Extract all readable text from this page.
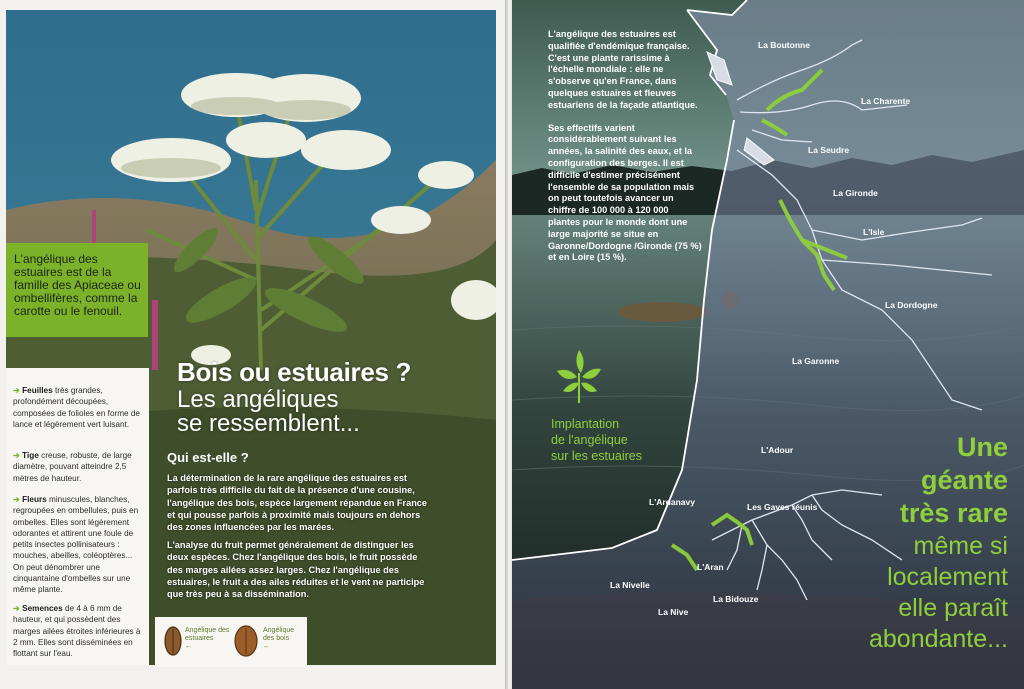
L'angélique des estuaires est de la famille des Apiaceae ou ombellifères, comme la carotte ou le fenouil.
➔ Feuilles très grandes, profondément découpées, composées de folioles en forme de lance et légèrement vert luisant.
➔ Tige creuse, robuste, de large diamètre, pouvant atteindre 2,5 mètres de hauteur.
➔ Fleurs minuscules, blanches, regroupées en ombellules, puis en ombelles. Elles sont légèrement odorantes et attirent une foule de petits insectes pollinisateurs : mouches, abeilles, coléoptères... On peut dénombrer une cinquantaine d'ombelles sur une même plante.
➔ Semences de 4 à 6 mm de hauteur, et qui possèdent des marges ailées étroites inférieures à 2 mm. Elles sont disséminées en flottant sur l'eau.
Bois ou estuaires ?
Les angéliques
se ressemblent...
Qui est-elle ?
La détermination de la rare angélique des estuaires est parfois très difficile du fait de la présence d'une cousine, l'angélique des bois, espèce largement répandue en France et qui pousse parfois à proximité mais toujours en dehors des zones influencées par les marées.
L'analyse du fruit permet généralement de distinguer les deux espèces. Chez l'angélique des bois, le fruit possède des marges ailées assez larges. Chez l'angélique des estuaires, le fruit a des ailes réduites et le vent ne participe que très peu à sa dissémination.
Angélique des estuaires
←
Angélique des bois
←

L'angélique des estuaires est qualifiée d'endémique française. C'est une plante rarissime à l'échelle mondiale : elle ne s'observe qu'en France, dans quelques estuaires et fleuves estuariens de la façade atlantique.

Ses effectifs varient considérablement suivant les années, la salinité des eaux, et la configuration des berges. Il est difficile d'estimer précisément l'ensemble de sa population mais on peut toutefois avancer un chiffre de 100 000 à 120 000 plantes pour le monde dont une large majorité se situe en Garonne/Dordogne /Gironde (75 %) et en Loire (15 %).

Implantation
de l'angélique
sur les estuaires
La Boutonne
La Charente
La Seudre
La Gironde
L'Isle
La Dordogne
La Garonne
L'Adour
L'Ardanavy	Les Gaves réunis
L'Aran
La Nivelle
La Bidouze
La Nive
Une
géante
très rare
même si
localement
elle paraît
abondante...
